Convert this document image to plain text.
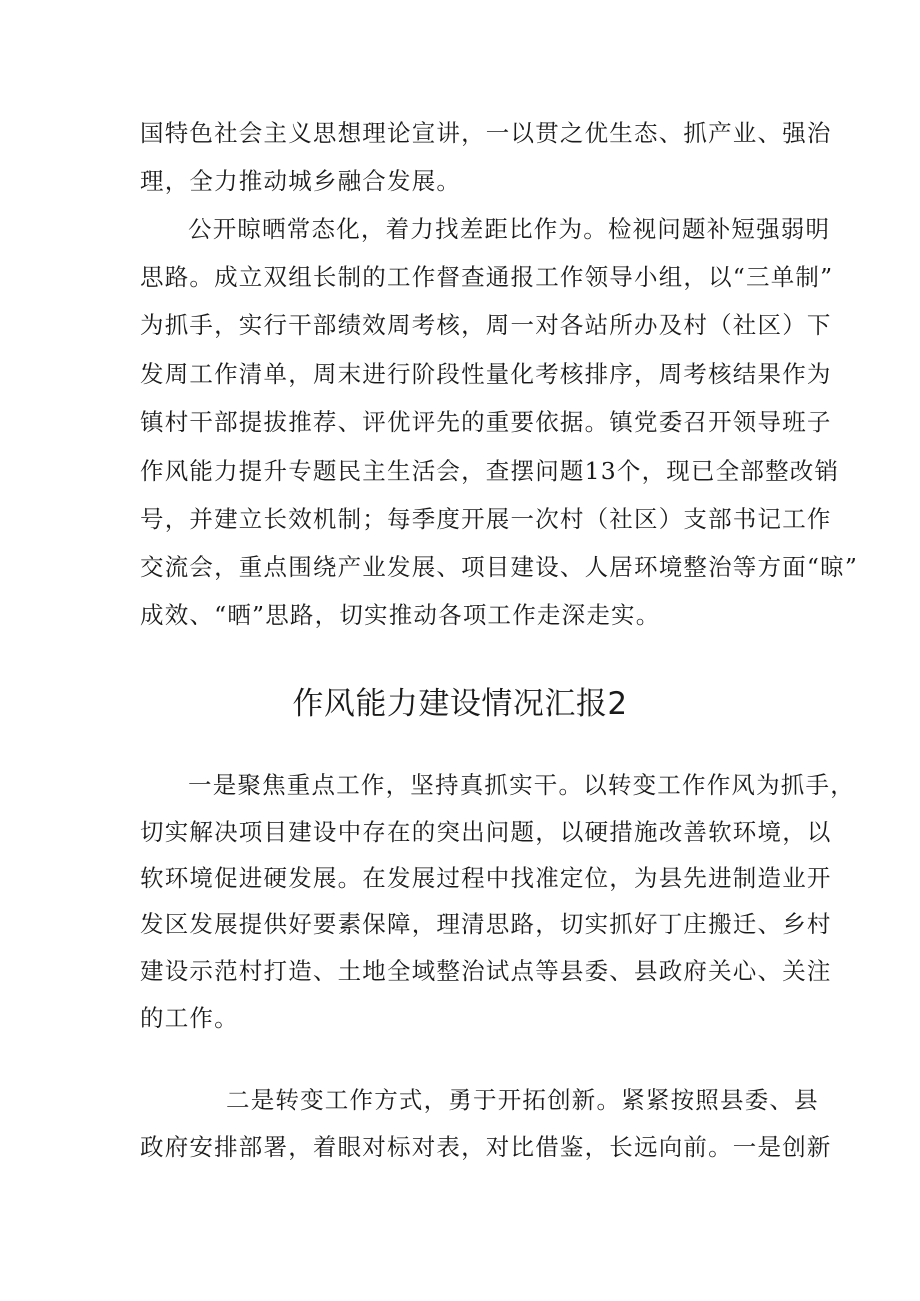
国特色社会主义思想理论宣讲，一以贯之优生态、抓产业、强治
理，全力推动城乡融合发展。
公开晾晒常态化，着力找差距比作为。检视问题补短强弱明
思路。成立双组长制的工作督查通报工作领导小组，以“三单制”
为抓手，实行干部绩效周考核，周一对各站所办及村（社区）下
发周工作清单，周末进行阶段性量化考核排序，周考核结果作为
镇村干部提拔推荐、评优评先的重要依据。镇党委召开领导班子
作风能力提升专题民主生活会，查摆问题13个，现已全部整改销
号，并建立长效机制；每季度开展一次村（社区）支部书记工作
交流会，重点围绕产业发展、项目建设、人居环境整治等方面“晾”
成效、“晒”思路，切实推动各项工作走深走实。
作风能力建设情况汇报2
一是聚焦重点工作，坚持真抓实干。以转变工作作风为抓手，
切实解决项目建设中存在的突出问题，以硬措施改善软环境，以
软环境促进硬发展。在发展过程中找准定位，为县先进制造业开
发区发展提供好要素保障，理清思路，切实抓好丁庄搬迁、乡村
建设示范村打造、土地全域整治试点等县委、县政府关心、关注
的工作。
二是转变工作方式，勇于开拓创新。紧紧按照县委、县
政府安排部署，着眼对标对表，对比借鉴，长远向前。一是创新
